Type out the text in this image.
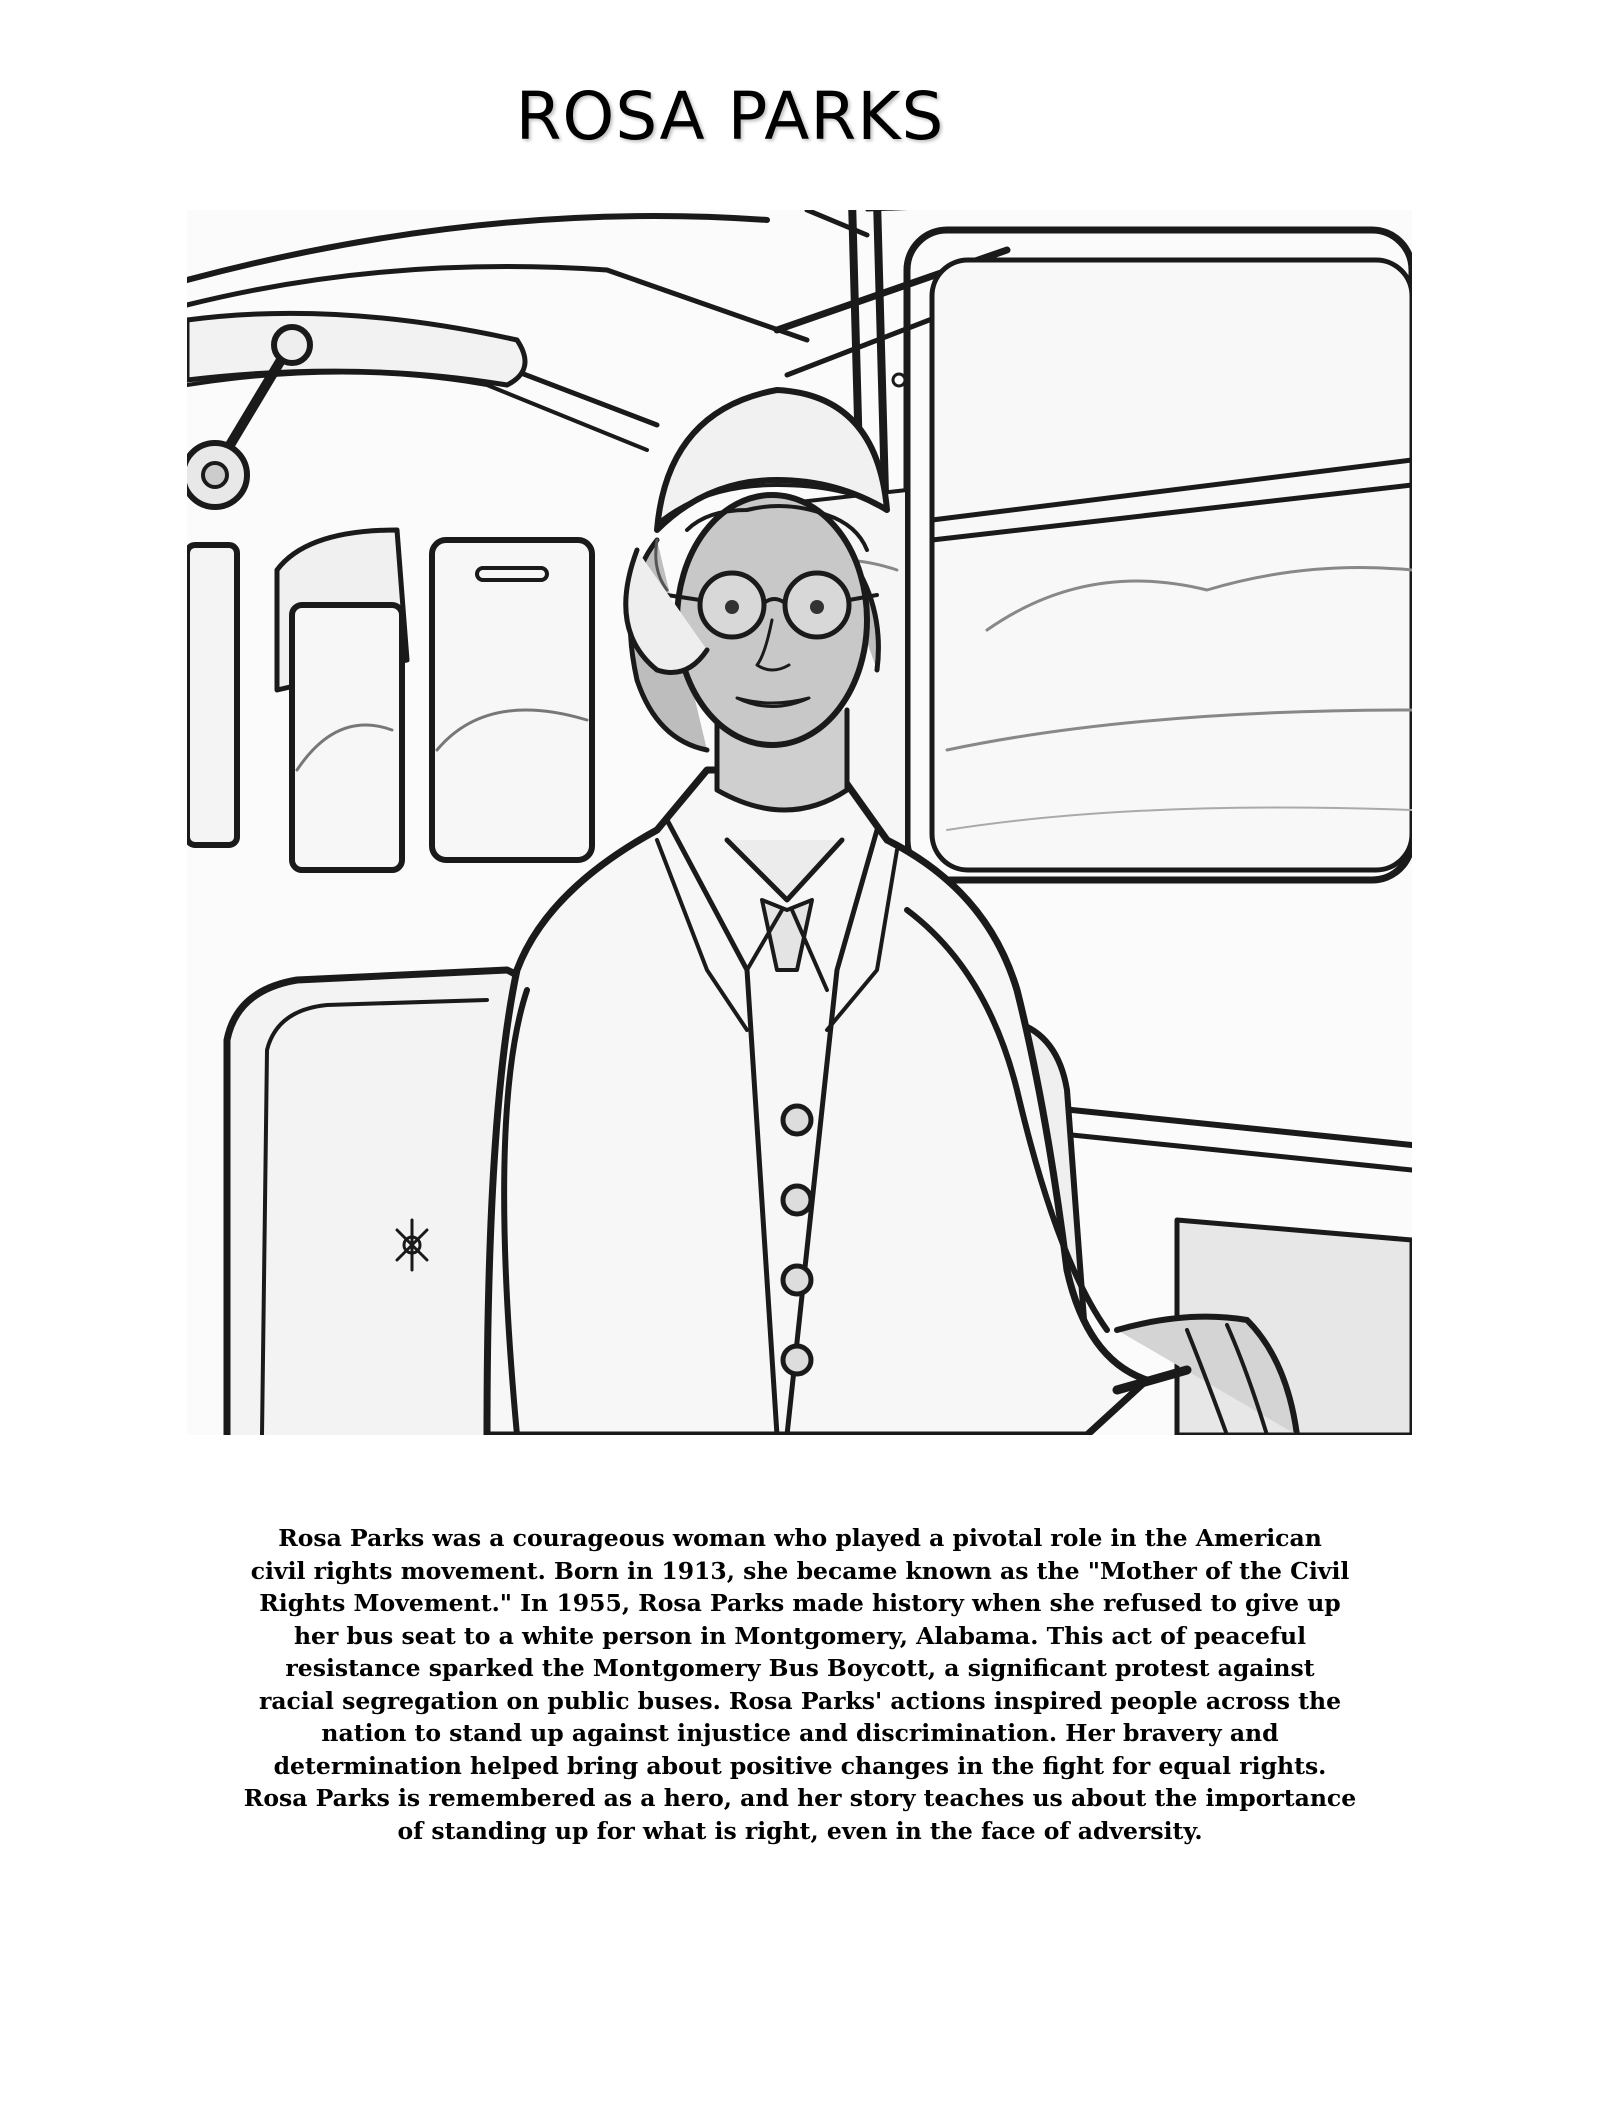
ROSA PARKS

Rosa Parks was a courageous woman who played a pivotal role in the American
civil rights movement. Born in 1913, she became known as the "Mother of the Civil
Rights Movement." In 1955, Rosa Parks made history when she refused to give up
her bus seat to a white person in Montgomery, Alabama. This act of peaceful
resistance sparked the Montgomery Bus Boycott, a significant protest against
racial segregation on public buses. Rosa Parks' actions inspired people across the
nation to stand up against injustice and discrimination. Her bravery and
determination helped bring about positive changes in the fight for equal rights.
Rosa Parks is remembered as a hero, and her story teaches us about the importance
of standing up for what is right, even in the face of adversity.
